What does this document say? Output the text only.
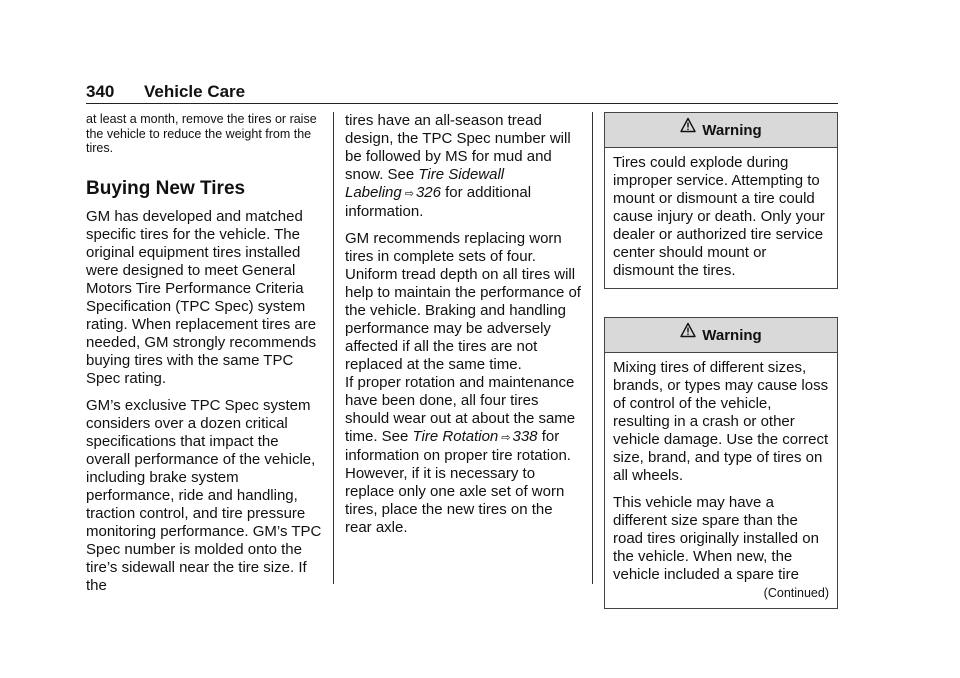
340 Vehicle Care

at least a month, remove the tires or raise the vehicle to reduce the weight from the tires.

Buying New Tires

GM has developed and matched specific tires for the vehicle. The original equipment tires installed were designed to meet General Motors Tire Performance Criteria Specification (TPC Spec) system rating. When replacement tires are needed, GM strongly recommends buying tires with the same TPC Spec rating.

GM’s exclusive TPC Spec system considers over a dozen critical specifications that impact the overall performance of the vehicle, including brake system performance, ride and handling, traction control, and tire pressure monitoring performance. GM’s TPC Spec number is molded onto the tire’s sidewall near the tire size. If the

tires have an all-season tread design, the TPC Spec number will be followed by MS for mud and snow. See Tire Sidewall Labeling ⇨ 326 for additional information.

GM recommends replacing worn tires in complete sets of four. Uniform tread depth on all tires will help to maintain the performance of the vehicle. Braking and handling performance may be adversely affected if all the tires are not replaced at the same time.

If proper rotation and maintenance have been done, all four tires should wear out at about the same time. See Tire Rotation ⇨ 338 for information on proper tire rotation. However, if it is necessary to replace only one axle set of worn tires, place the new tires on the rear axle.

Warning

Tires could explode during improper service. Attempting to mount or dismount a tire could cause injury or death. Only your dealer or authorized tire service center should mount or dismount the tires.

Warning

Mixing tires of different sizes, brands, or types may cause loss of control of the vehicle, resulting in a crash or other vehicle damage. Use the correct size, brand, and type of tires on all wheels.

This vehicle may have a different size spare than the road tires originally installed on the vehicle. When new, the vehicle included a spare tire

(Continued)
